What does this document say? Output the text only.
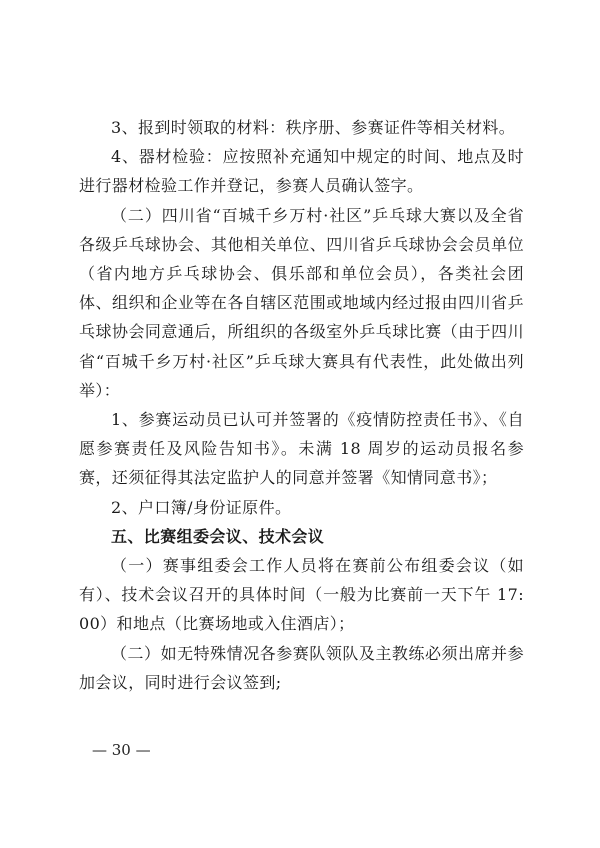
3、报到时领取的材料：秩序册、参赛证件等相关材料。

4、器材检验：应按照补充通知中规定的时间、地点及时进行器材检验工作并登记，参赛人员确认签字。

（二）四川省“百城千乡万村·社区”乒乓球大赛以及全省各级乒乓球协会、其他相关单位、四川省乒乓球协会会员单位（省内地方乒乓球协会、俱乐部和单位会员），各类社会团体、组织和企业等在各自辖区范围或地域内经过报由四川省乒乓球协会同意通后，所组织的各级室外乒乓球比赛（由于四川省“百城千乡万村·社区”乒乓球大赛具有代表性，此处做出列举）：

1、参赛运动员已认可并签署的《疫情防控责任书》、《自愿参赛责任及风险告知书》。未满 18 周岁的运动员报名参赛，还须征得其法定监护人的同意并签署《知情同意书》；

2、户口簿/身份证原件。

五、比赛组委会议、技术会议

（一）赛事组委会工作人员将在赛前公布组委会议（如有）、技术会议召开的具体时间（一般为比赛前一天下午 17:00）和地点（比赛场地或入住酒店）；

（二）如无特殊情况各参赛队领队及主教练必须出席并参加会议，同时进行会议签到;

— 30 —
